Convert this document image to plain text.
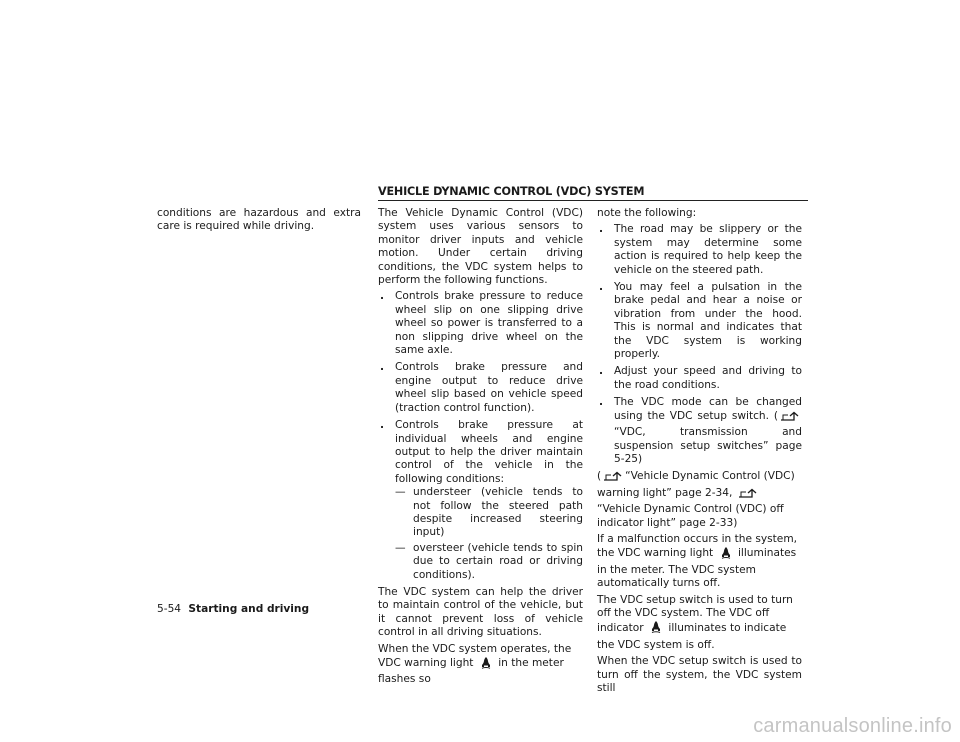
VEHICLE DYNAMIC CONTROL (VDC) SYSTEM

conditions are hazardous and extra care is required while driving.

The Vehicle Dynamic Control (VDC) system uses various sensors to monitor driver inputs and vehicle motion. Under certain driving conditions, the VDC system helps to perform the following functions.

. Controls brake pressure to reduce wheel slip on one slipping drive wheel so power is transferred to a non slipping drive wheel on the same axle.
. Controls brake pressure and engine output to reduce drive wheel slip based on vehicle speed (traction control function).
. Controls brake pressure at individual wheels and engine output to help the driver maintain control of the vehicle in the following conditions:
— understeer (vehicle tends to not follow the steered path despite increased steering input)
— oversteer (vehicle tends to spin due to certain road or driving conditions).

The VDC system can help the driver to maintain control of the vehicle, but it cannot prevent loss of vehicle control in all driving situations.

When the VDC system operates, the VDC warning light in the meter flashes so

note the following:

. The road may be slippery or the system may determine some action is required to help keep the vehicle on the steered path.
. You may feel a pulsation in the brake pedal and hear a noise or vibration from under the hood. This is normal and indicates that the VDC system is working properly.
. Adjust your speed and driving to the road conditions.
. The VDC mode can be changed using the VDC setup switch. (“VDC, transmission and suspension setup switches” page 5-25)

( “Vehicle Dynamic Control (VDC) warning light” page 2-34, “Vehicle Dynamic Control (VDC) off indicator light” page 2-33)

If a malfunction occurs in the system, the VDC warning light illuminates in the meter. The VDC system automatically turns off.

The VDC setup switch is used to turn off the VDC system. The VDC off indicator illuminates to indicate the VDC system is off.

When the VDC setup switch is used to turn off the system, the VDC system still

5-54 Starting and driving
carmanualsonline.info
